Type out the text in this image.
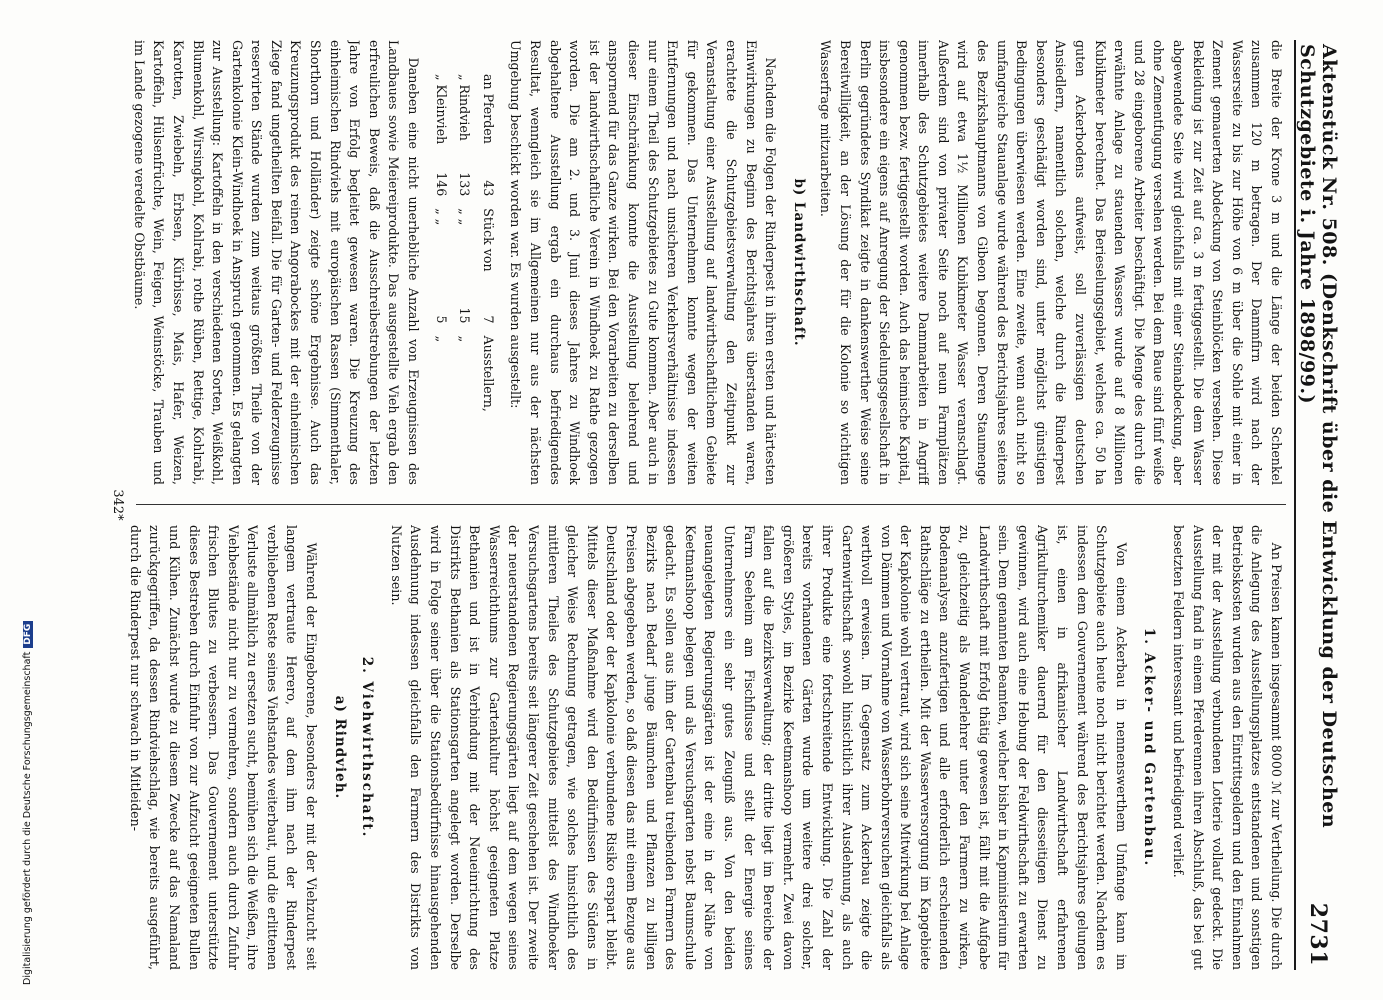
Aktenstück Nr. 508. (Denkschrift über die Entwicklung der Deutschen Schutzgebiete i. Jahre 1898/99.)
2731

die Breite der Krone 3 m und die Länge der beiden Schenkel zusammen 120 m betragen. Der Dammfirn wird nach der Wasserseite zu bis zur Höhe von 6 m über die Sohle mit einer in Zement gemauerten Abdeckung von Steinblöcken versehen. Diese Bekleidung ist zur Zeit auf ca. 3 m fertiggestellt. Die dem Wasser abgewendete Seite wird gleichfalls mit einer Steinabdeckung, aber ohne Zementfugung versehen werden. Bei dem Baue sind fünf weiße und 28 eingeborene Arbeiter beschäftigt. Die Menge des durch die erwähnte Anlage zu stauenden Wassers wurde auf 8 Millionen Kubikmeter berechnet. Das Berieselungsgebiet, welches ca. 50 ha guten Ackerbodens aufweist, soll zuverlässigen deutschen Ansiedlern, namentlich solchen, welche durch die Rinderpest besonders geschädigt worden sind, unter möglichst günstigen Bedingungen überwiesen werden. Eine zweite, wenn auch nicht so umfangreiche Stauanlage wurde während des Berichtsjahres seitens des Bezirkshauptmanns von Gibeon begonnen. Deren Staumenge wird auf etwa 1½ Millionen Kubikmeter Wasser veranschlagt. Außerdem sind von privater Seite noch auf neun Farmplätzen innerhalb des Schutzgebietes weitere Dammarbeiten in Angriff genommen bezw. fertiggestellt worden. Auch das heimische Kapital, insbesondere ein eigens auf Anregung der Siedelungsgesellschaft in Berlin gegründetes Syndikat zeigte in dankenswerther Weise seine Bereitwilligkeit, an der Lösung der für die Kolonie so wichtigen Wasserfrage mitzuarbeiten.

b) Landwirthschaft.

Nachdem die Folgen der Rinderpest in ihren ersten und härtesten Einwirkungen zu Beginn des Berichtsjahres überstanden waren, erachtete die Schutzgebietsverwaltung den Zeitpunkt zur Veranstaltung einer Ausstellung auf landwirthschaftlichem Gebiete für gekommen. Das Unternehmen konnte wegen der weiten Entfernungen und nach unsicheren Verkehrsverhältnisse indessen nur einem Theil des Schutzgebietes zu Gute kommen. Aber auch in dieser Einschränkung konnte die Ausstellung belehrend und anspornend für das Ganze wirken. Bei den Vorarbeiten zu derselben ist der landwirthschaftliche Verein in Windhoek zu Rathe gezogen worden. Die am 2. und 3. Juni dieses Jahres zu Windhoek abgehaltene Ausstellung ergab ein durchaus befriedigendes Resultat, wenngleich sie im Allgemeinen nur aus der nächsten Umgebung beschickt worden war. Es wurden ausgestellt:

an Pferden	43	Stück von	7	Ausstellern,
„ Rindvieh	133	„ „	15	„
„ Kleinvieh	146	„ „	5	„

Daneben eine nicht unerhebliche Anzahl von Erzeugnissen des Landbaues sowie Meiereiprodukte. Das ausgestellte Vieh ergab den erfreulichen Beweis, daß die Ausschreibestrebungen der letzten Jahre von Erfolg begleitet gewesen waren. Die Kreuzung des einheimischen Rindviehs mit europäischen Rassen (Simmenthaler, Shorthorn und Holländer) zeigte schöne Ergebnisse. Auch das Kreuzungsprodukt des reinen Angorabockes mit der einheimischen Ziege fand ungetheilten Beifall. Die für Garten- und Felderzeugnisse reservirten Stände wurden zum weitaus größten Theile von der Gartenkolonie Klein-Windhoek in Anspruch genommen. Es gelangten zur Ausstellung: Kartoffeln in den verschiedenen Sorten, Weißkohl, Blumenkohl, Wirsingkohl, Kohlrabi, rothe Rüben, Rettige, Kohlrabi, Karotten, Zwiebeln, Erbsen, Kürbisse, Mais, Hafer, Weizen, Kartoffeln, Hülsenfrüchte, Wein, Feigen, Weinstöcke, Trauben und im Lande gezogene veredelte Obstbäume.

An Preisen kamen insgesammt 8000 ℳ zur Vertheilung. Die durch die Anlegung des Ausstellungsplatzes entstandenen und sonstigen Betriebskosten wurden aus den Eintrittsgeldern und den Einnahmen der mit der Ausstellung verbundenen Lotterie vollauf gedeckt. Die Ausstellung fand in einem Pferderennen ihren Abschluß, das bei gut besetzten Feldern interessant und befriedigend verlief.

1. Acker- und Gartenbau.

Von einem Ackerbau in nennenswerthem Umfange kann im Schutzgebiete auch heute noch nicht berichtet werden. Nachdem es indessen dem Gouvernement während des Berichtsjahres gelungen ist, einen in afrikanischer Landwirthschaft erfahrenen Agrikulturchemiker dauernd für den diesseitigen Dienst zu gewinnen, wird auch eine Hebung der Feldwirthschaft zu erwarten sein. Dem genannten Beamten, welcher bisher in Kapministerium für Landwirthschaft mit Erfolg thätig gewesen ist, fällt mit die Aufgabe zu, gleichzeitig als Wanderlehrer unter den Farmern zu wirken, Bodenanalysen anzufertigen und alle erforderlich erscheinenden Rathschläge zu ertheilen. Mit der Wasserversorgung im Kapgebiete der Kapkolonie wohl vertraut, wird sich seine Mitwirkung bei Anlage von Dämmen und Vornahme von Wasserbohrversuchen gleichfalls als werthvoll erweisen. Im Gegensatz zum Ackerbau zeigte die Gartenwirthschaft sowohl hinsichtlich ihrer Ausdehnung, als auch ihrer Produkte eine fortschreitende Entwicklung. Die Zahl der bereits vorhandenen Gärten wurde um weitere drei solcher, größeren Styles, im Bezirke Keetmanshoop vermehrt. Zwei davon fallen auf die Bezirksverwaltung; der dritte liegt im Bereiche der Farm Seeheim am Fischflusse und stellt der Energie seines Unternehmers ein sehr gutes Zeugniß aus. Von den beiden neuangelegten Regierungsgärten ist der eine in der Nähe von Keetmanshoop belegen und als Versuchsgarten nebst Baumschule gedacht. Es sollen aus ihm der Gartenbau treibenden Farmern des Bezirks nach Bedarf junge Bäumchen und Pflanzen zu billigen Preisen abgegeben werden, so daß diesen das mit einem Bezuge aus Deutschland oder der Kapkolonie verbundene Risiko erspart bleibt. Mittels dieser Maßnahme wird den Bedürfnissen des Südens in gleicher Weise Rechnung getragen, wie solches hinsichtlich des mittleren Theiles des Schutzgebietes mittelst des Windhoeker Versuchsgartens bereits seit längerer Zeit geschehen ist. Der zweite der neuerstandenen Regierungsgärten liegt auf dem wegen seines Wasserreichthums zur Gartenkultur höchst geeigneten Platze Bethanien und ist in Verbindung mit der Neueinrichtung des Distrikts Bethanien als Stationsgarten angelegt worden. Derselbe wird in Folge seiner über die Stationsbedürfnisse hinausgehenden Ausdehnung indessen gleichfalls den Farmern des Distrikts von Nutzen sein.

2. Viehwirthschaft.
a) Rindvieh.

Während der Eingeborene, besonders der mit der Viehzucht seit langem vertraute Herero, auf dem ihm nach der Rinderpest verbliebenen Reste seines Viehstandes weiterbaut, und die erlittenen Verluste allmählich zu ersetzen sucht, bemühen sich die Weißen, ihre Viehbestände nicht nur zu vermehren, sondern auch durch Zufuhr frischen Blutes zu verbessern. Das Gouvernement unterstützte dieses Bestreben durch Einfuhr von zur Aufzucht geeigneten Bullen und Kühen. Zunächst wurde zu diesem Zwecke auf das Namaland zurückgegriffen, da dessen Rindviehschlag, wie bereits ausgeführt, durch die Rinderpest nur schwach in Mitleiden-

342*
Digitalisierung gefördert durch die Deutsche ForschungsgemeinschaftDFG
